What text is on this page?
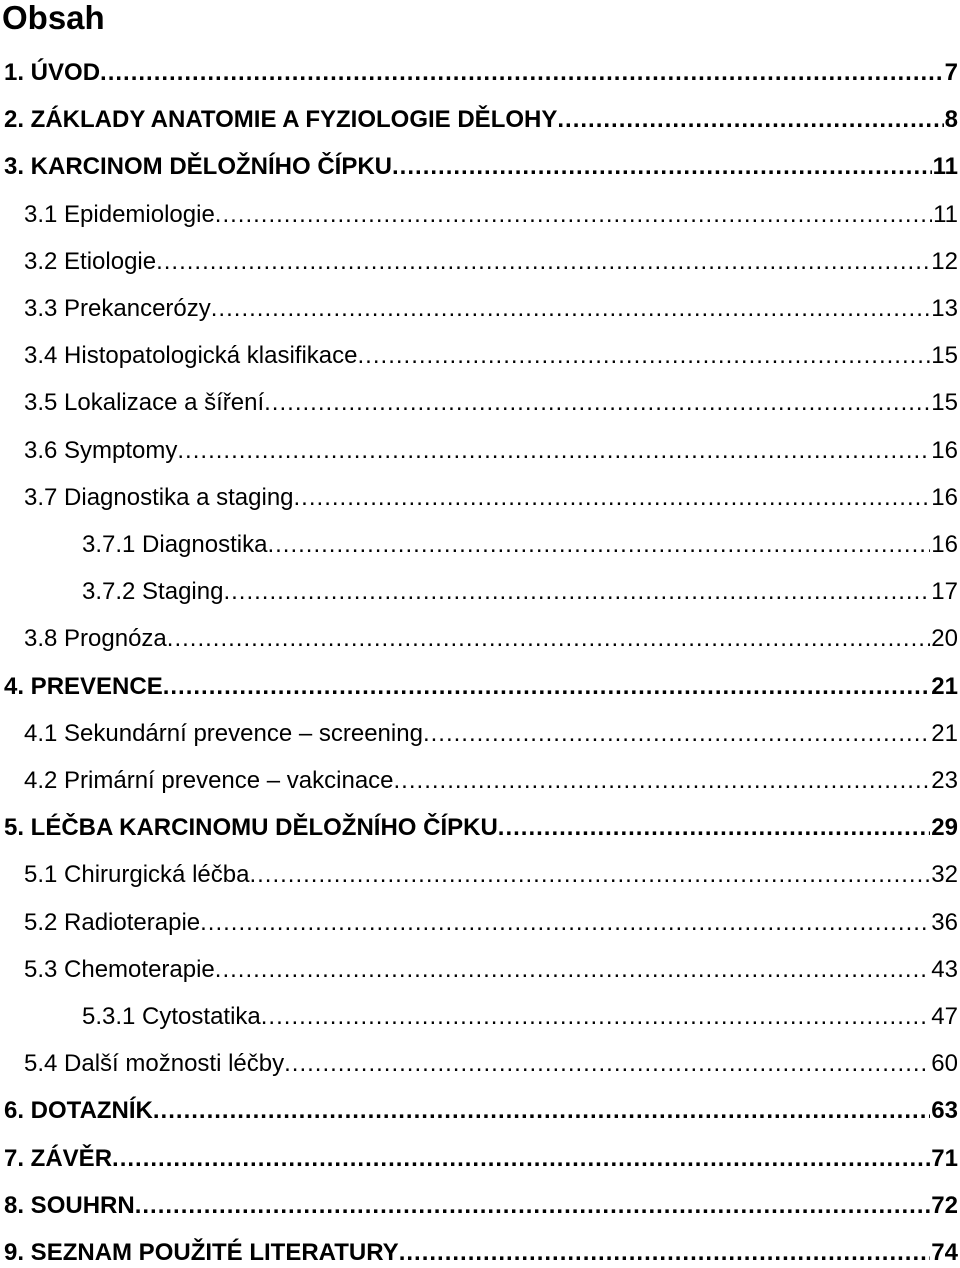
Obsah
1. ÚVOD .....	7
2. ZÁKLADY ANATOMIE A FYZIOLOGIE DĚLOHY .....	8
3. KARCINOM DĚLOŽNÍHO ČÍPKU .....	11
3.1 Epidemiologie .....	11
3.2 Etiologie .....	12
3.3 Prekancerózy .....	13
3.4 Histopatologická klasifikace .....	15
3.5 Lokalizace a šíření .....	15
3.6 Symptomy .....	16
3.7 Diagnostika a staging .....	16
3.7.1 Diagnostika .....	16
3.7.2 Staging .....	17
3.8 Prognóza .....	20
4. PREVENCE .....	21
4.1 Sekundární prevence – screening .....	21
4.2 Primární prevence – vakcinace .....	23
5. LÉČBA KARCINOMU DĚLOŽNÍHO ČÍPKU .....	29
5.1 Chirurgická léčba .....	32
5.2 Radioterapie .....	36
5.3 Chemoterapie .....	43
5.3.1 Cytostatika .....	47
5.4 Další možnosti léčby .....	60
6. DOTAZNÍK .....	63
7. ZÁVĚR .....	71
8. SOUHRN .....	72
9. SEZNAM POUŽITÉ LITERATURY .....	74
